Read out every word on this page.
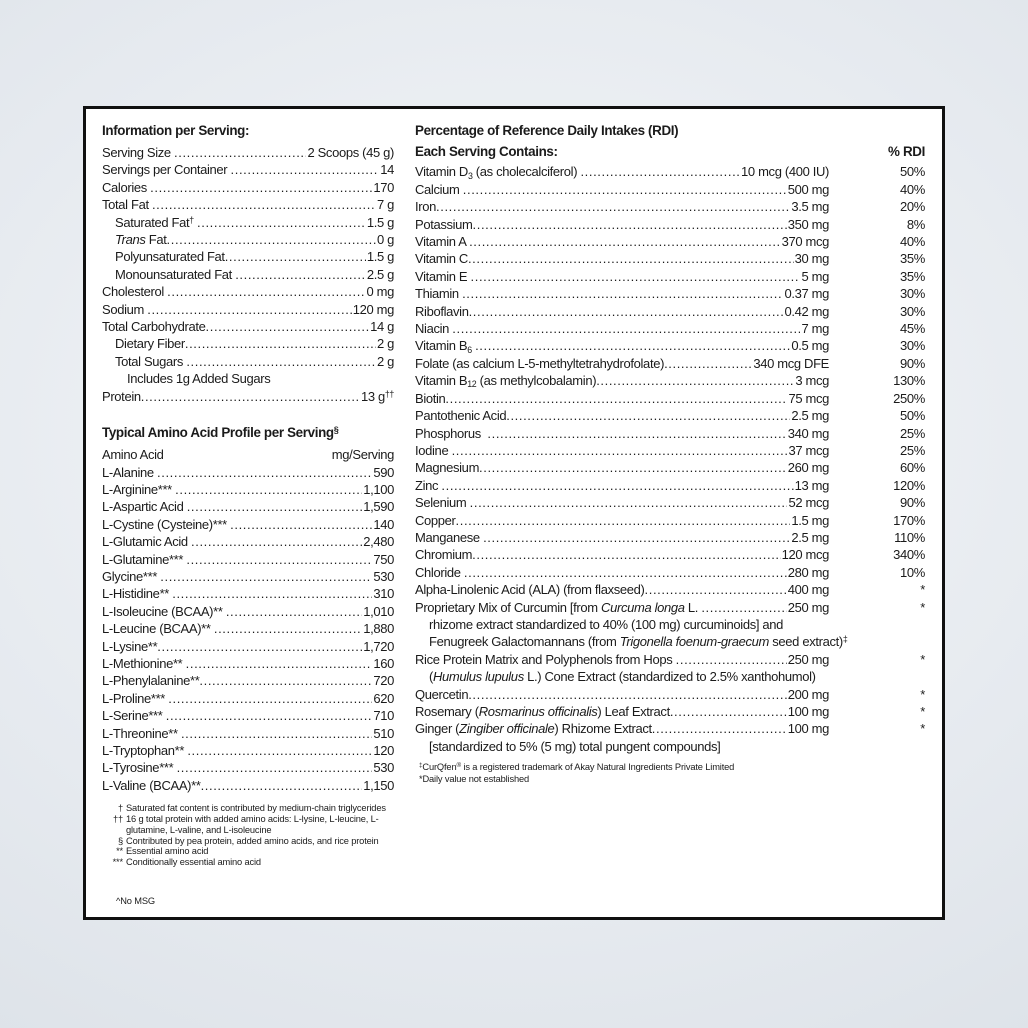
Information per Serving:
Serving Size .....	2 Scoops (45 g)
Servings per Container .....	14
Calories .....	170
Total Fat .....	7 g
Saturated Fat† .....	1.5 g
Trans Fat .....	0 g
Polyunsaturated Fat .....	1.5 g
Monounsaturated Fat .....	2.5 g
Cholesterol .....	0 mg
Sodium .....	120 mg
Total Carbohydrate .....	14 g
Dietary Fiber .....	2 g
Total Sugars .....	2 g
Includes 1g Added Sugars
Protein .....	13 g††
Typical Amino Acid Profile per Serving§
Amino Acid	mg/Serving
L-Alanine .....	590
L-Arginine*** .....	1,100
L-Aspartic Acid .....	1,590
L-Cystine (Cysteine)*** .....	140
L-Glutamic Acid .....	2,480
L-Glutamine*** .....	750
Glycine*** .....	530
L-Histidine** .....	310
L-Isoleucine (BCAA)** .....	1,010
L-Leucine (BCAA)** .....	1,880
L-Lysine** .....	1,720
L-Methionine** .....	160
L-Phenylalanine** .....	720
L-Proline*** .....	620
L-Serine*** .....	710
L-Threonine** .....	510
L-Tryptophan** .....	120
L-Tyrosine*** .....	530
L-Valine (BCAA)** .....	1,150
† Saturated fat content is contributed by medium-chain triglycerides
†† 16 g total protein with added amino acids: L-lysine, L-leucine, L-glutamine, L-valine, and L-isoleucine
§ Contributed by pea protein, added amino acids, and rice protein
** Essential amino acid
*** Conditionally essential amino acid
^No MSG
Percentage of Reference Daily Intakes (RDI)
Each Serving Contains:	% RDI
Vitamin $D_3$ (as cholecalciferol) .....	10 mcg (400 IU)	50%
Calcium .....	500 mg	40%
Iron .....	3.5 mg	20%
Potassium .....	350 mg	8%
Vitamin A .....	370 mcg	40%
Vitamin C .....	30 mg	35%
Vitamin E .....	5 mg	35%
Thiamin .....	0.37 mg	30%
Riboflavin .....	0.42 mg	30%
Niacin .....	7 mg	45%
Vitamin $B_6$ .....	0.5 mg	30%
Folate (as calcium L-5-methyltetrahydrofolate) .....	340 mcg DFE	90%
Vitamin $B_{12}$ (as methylcobalamin) .....	3 mcg	130%
Biotin .....	75 mcg	250%
Pantothenic Acid .....	2.5 mg	50%
Phosphorus .....	340 mg	25%
Iodine .....	37 mcg	25%
Magnesium .....	260 mg	60%
Zinc .....	13 mg	120%
Selenium .....	52 mcg	90%
Copper .....	1.5 mg	170%
Manganese .....	2.5 mg	110%
Chromium .....	120 mcg	340%
Chloride .....	280 mg	10%
Alpha-Linolenic Acid (ALA) (from flaxseed) .....	400 mg	*
Proprietary Mix of Curcumin [from Curcuma longa L. .....	250 mg	*
rhizome extract standardized to 40% (100 mg) curcuminoids] and
Fenugreek Galactomannans (from Trigonella foenum-graecum seed extract)‡
Rice Protein Matrix and Polyphenols from Hops .....	250 mg	*
(Humulus lupulus L.) Cone Extract (standardized to 2.5% xanthohumol)
Quercetin .....	200 mg	*
Rosemary (Rosmarinus officinalis) Leaf Extract .....	100 mg	*
Ginger (Zingiber officinale) Rhizome Extract .....	100 mg	*
[standardized to 5% (5 mg) total pungent compounds]
‡CurQfen® is a registered trademark of Akay Natural Ingredients Private Limited
*Daily value not established
